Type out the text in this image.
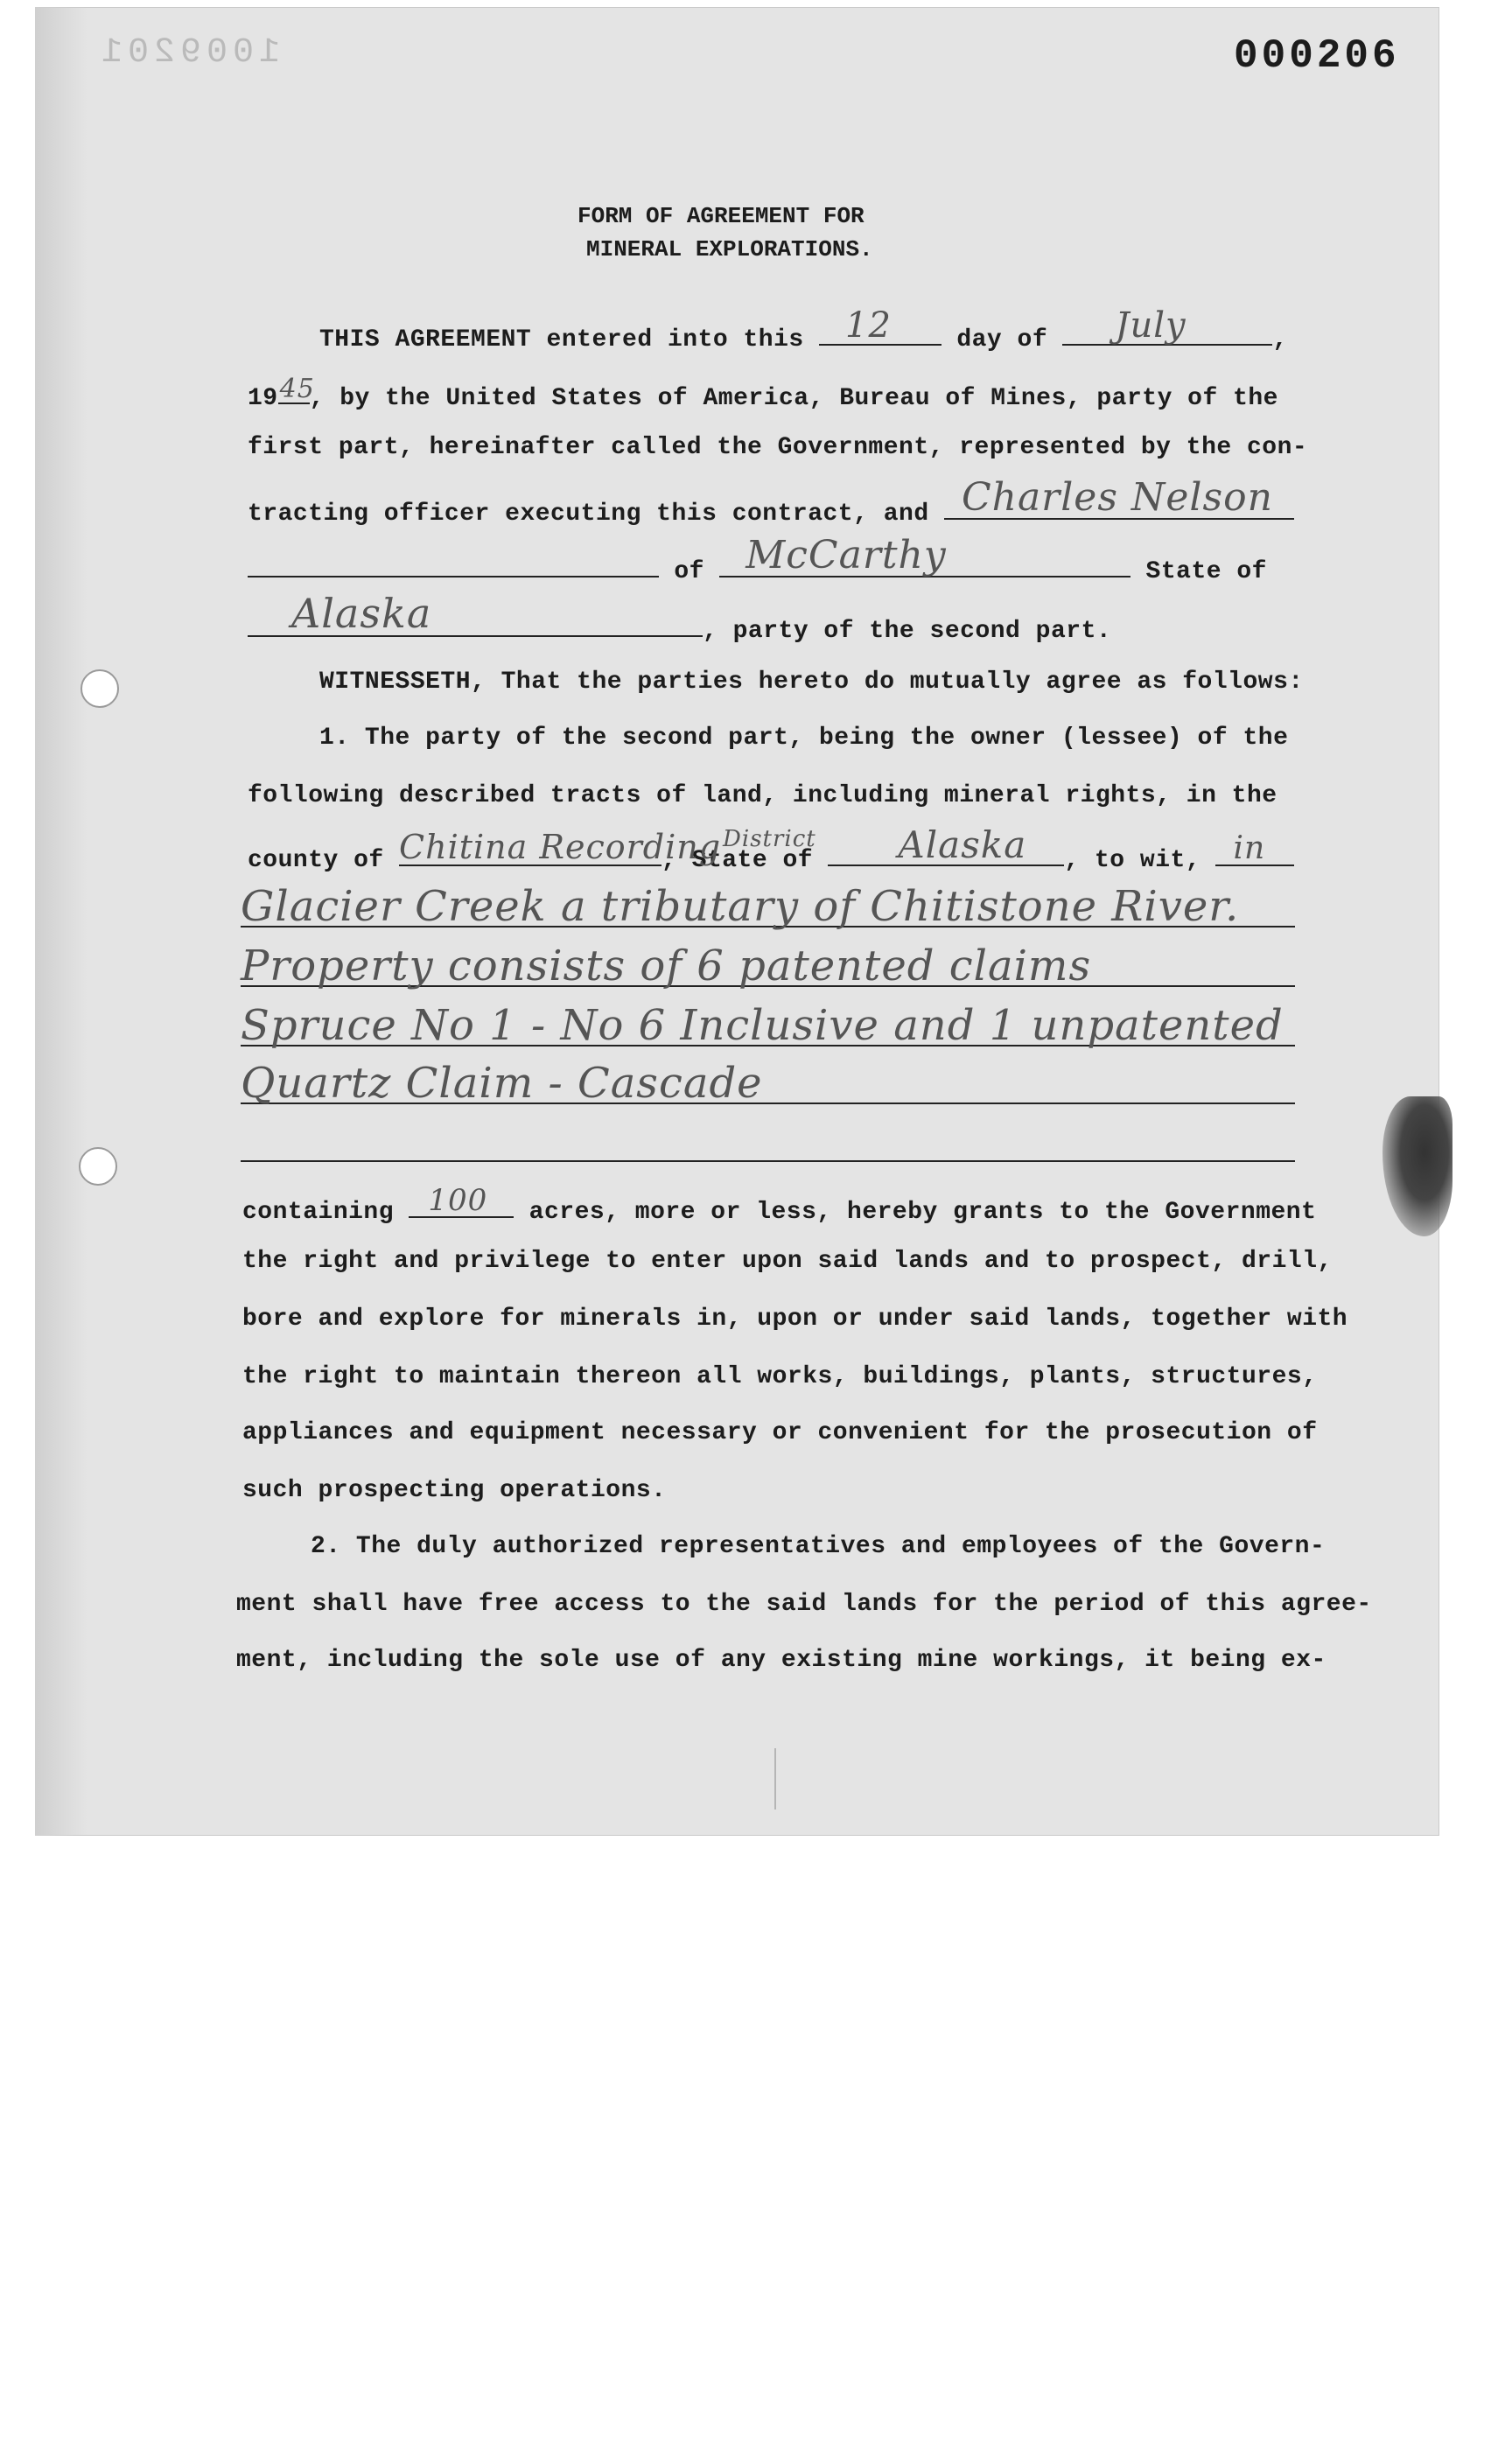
1009201	000206
FORM OF AGREEMENT FOR
MINERAL EXPLORATIONS.
THIS AGREEMENT entered into this 12	day of July	,
19 45
, by the United States of America, Bureau of Mines, party of the
first part, hereinafter called the Government, represented by the con-
tracting officer executing this contract, and Charles Nelson
of McCarthy	State of
Alaska	, party of the second part.
WITNESSETH, That the parties hereto do mutually agree as follows:
1. The party of the second part, being the owner (lessee) of the
following described tracts of land, including mineral rights, in the
county of Chitina Recording District
, State of Alaska , to wit, in
Glacier Creek a tributary of Chitistone River.
Property consists of 6 patented claims
Spruce No 1 - No 6 Inclusive and 1 unpatented
Quartz Claim - Cascade
containing 100 acres, more or less, hereby grants to the Government
the right and privilege to enter upon said lands and to prospect, drill,
bore and explore for minerals in, upon or under said lands, together with
the right to maintain thereon all works, buildings, plants, structures,
appliances and equipment necessary or convenient for the prosecution of
such prospecting operations.
2. The duly authorized representatives and employees of the Govern-
ment shall have free access to the said lands for the period of this agree-
ment, including the sole use of any existing mine workings, it being ex-
